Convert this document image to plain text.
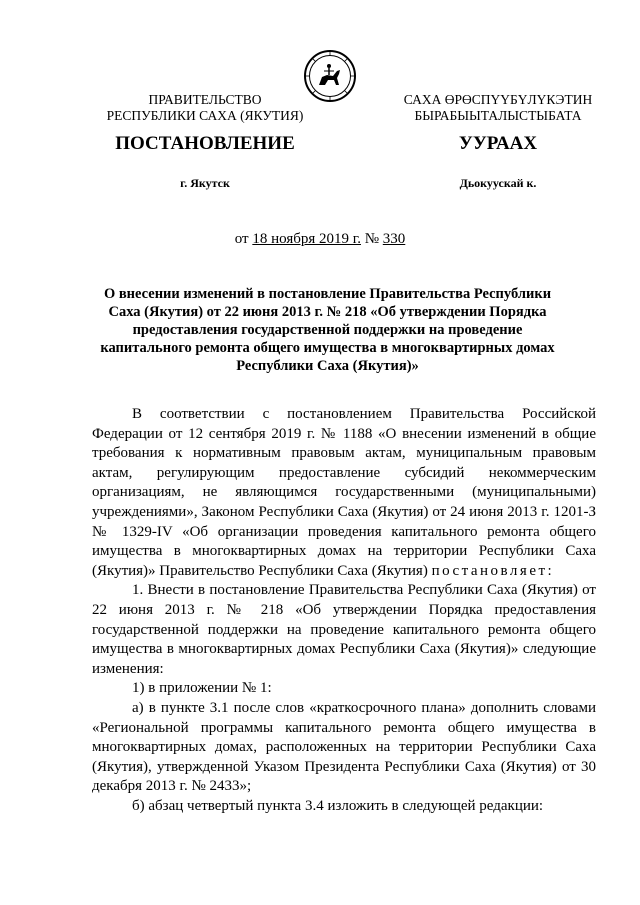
ПРАВИТЕЛЬСТВО
РЕСПУБЛИКИ САХА (ЯКУТИЯ)
САХА ӨРӨСПҮҮБҮЛҮКЭТИН
БЫРАБЫЫТАЛЫСТЫБАТА
ПОСТАНОВЛЕНИЕ	УУРААХ
г. Якутск	Дьокуускай к.
от 18 ноября 2019 г. № 330
О внесении изменений в постановление Правительства Республики Саха (Якутия) от 22 июня 2013 г. № 218 «Об утверждении Порядка предоставления государственной поддержки на проведение капитального ремонта общего имущества в многоквартирных домах Республики Саха (Якутия)»

В соответствии с постановлением Правительства Российской Федерации от 12 сентября 2019 г. № 1188 «О внесении изменений в общие требования к нормативным правовым актам, муниципальным правовым актам, регулирующим предоставление субсидий некоммерческим организациям, не являющимся государственными (муниципальными) учреждениями», Законом Республики Саха (Якутия) от 24 июня 2013 г. 1201-З № 1329-IV «Об организации проведения капитального ремонта общего имущества в многоквартирных домах на территории Республики Саха (Якутия)» Правительство Республики Саха (Якутия) постановляет:

1. Внести в постановление Правительства Республики Саха (Якутия) от 22 июня 2013 г. № 218 «Об утверждении Порядка предоставления государственной поддержки на проведение капитального ремонта общего имущества в многоквартирных домах Республики Саха (Якутия)» следующие изменения:

1) в приложении № 1:

а) в пункте 3.1 после слов «краткосрочного плана» дополнить словами «Региональной программы капитального ремонта общего имущества в многоквартирных домах, расположенных на территории Республики Саха (Якутия), утвержденной Указом Президента Республики Саха (Якутия) от 30 декабря 2013 г. № 2433»;

б) абзац четвертый пункта 3.4 изложить в следующей редакции:
